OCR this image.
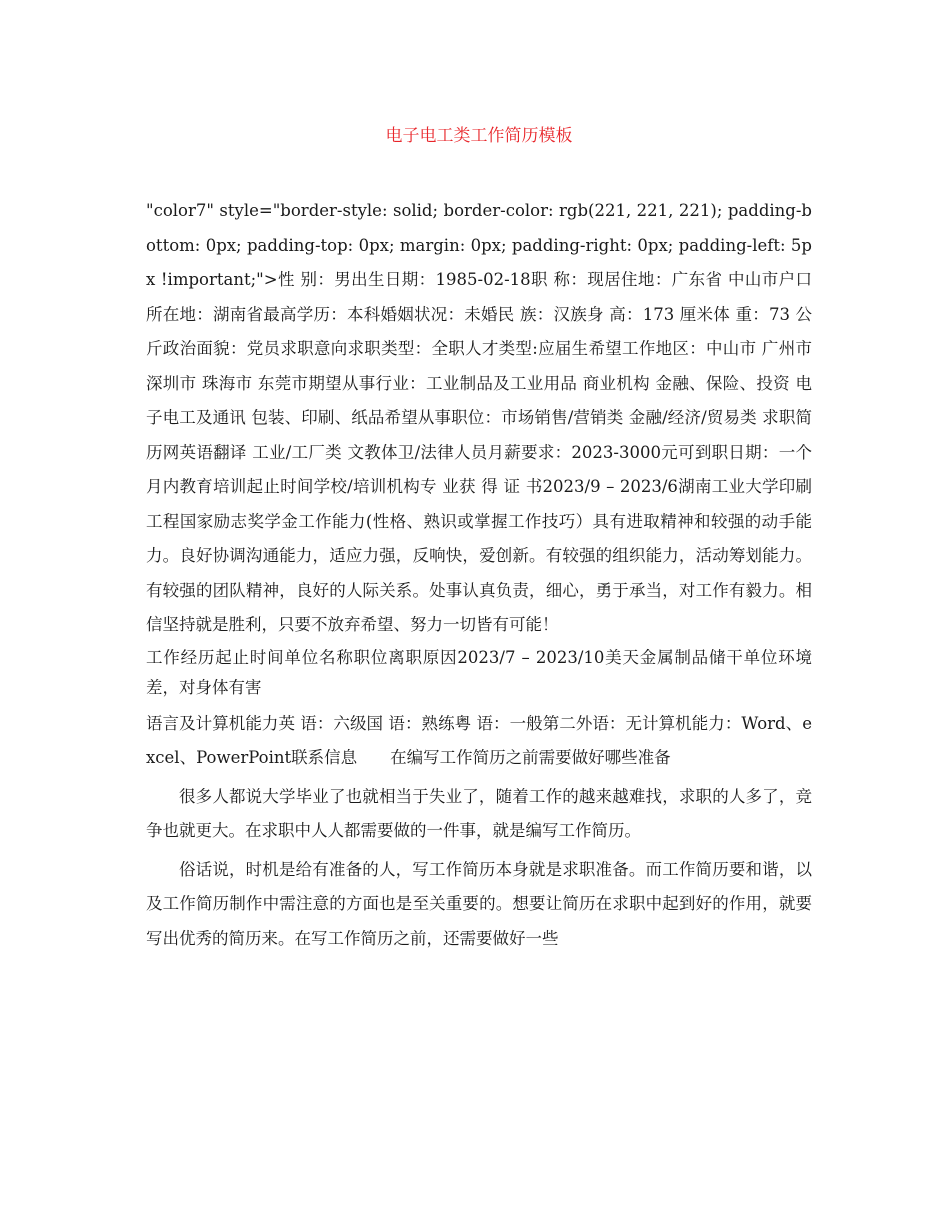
电子电工类工作简历模板

"color7" style="border-style: solid; border-color: rgb(221, 221, 221); padding-bottom: 0px; padding-top: 0px; margin: 0px; padding-right: 0px; padding-left: 5px !important;">性 别：男出生日期：1985-02-18职 称：现居住地：广东省 中山市户口所在地：湖南省最高学历：本科婚姻状况：未婚民 族：汉族身 高：173 厘米体 重：73 公斤政治面貌：党员求职意向求职类型：全职人才类型:应届生希望工作地区：中山市 广州市 深圳市 珠海市 东莞市期望从事行业：工业制品及工业用品 商业机构 金融、保险、投资 电子电工及通讯 包装、印刷、纸品希望从事职位：市场销售/营销类 金融/经济/贸易类 求职简历网英语翻译 工业/工厂类 文教体卫/法律人员月薪要求：2023-3000元可到职日期：一个月内教育培训起止时间学校/培训机构专 业获 得 证 书2023/9 – 2023/6湖南工业大学印刷工程国家励志奖学金工作能力(性格、熟识或掌握工作技巧）具有进取精神和较强的动手能力。良好协调沟通能力，适应力强，反响快，爱创新。有较强的组织能力，活动筹划能力。有较强的团队精神，良好的人际关系。处事认真负责，细心，勇于承当，对工作有毅力。相信坚持就是胜利，只要不放弃希望、努力一切皆有可能！

工作经历起止时间单位名称职位离职原因2023/7 – 2023/10美天金属制品储干单位环境差，对身体有害

语言及计算机能力英 语：六级国 语：熟练粤 语：一般第二外语：无计算机能力：Word、excel、PowerPoint联系信息　　在编写工作简历之前需要做好哪些准备

很多人都说大学毕业了也就相当于失业了，随着工作的越来越难找，求职的人多了，竞争也就更大。在求职中人人都需要做的一件事，就是编写工作简历。

俗话说，时机是给有准备的人，写工作简历本身就是求职准备。而工作简历要和谐，以及工作简历制作中需注意的方面也是至关重要的。想要让简历在求职中起到好的作用，就要写出优秀的简历来。在写工作简历之前，还需要做好一些
